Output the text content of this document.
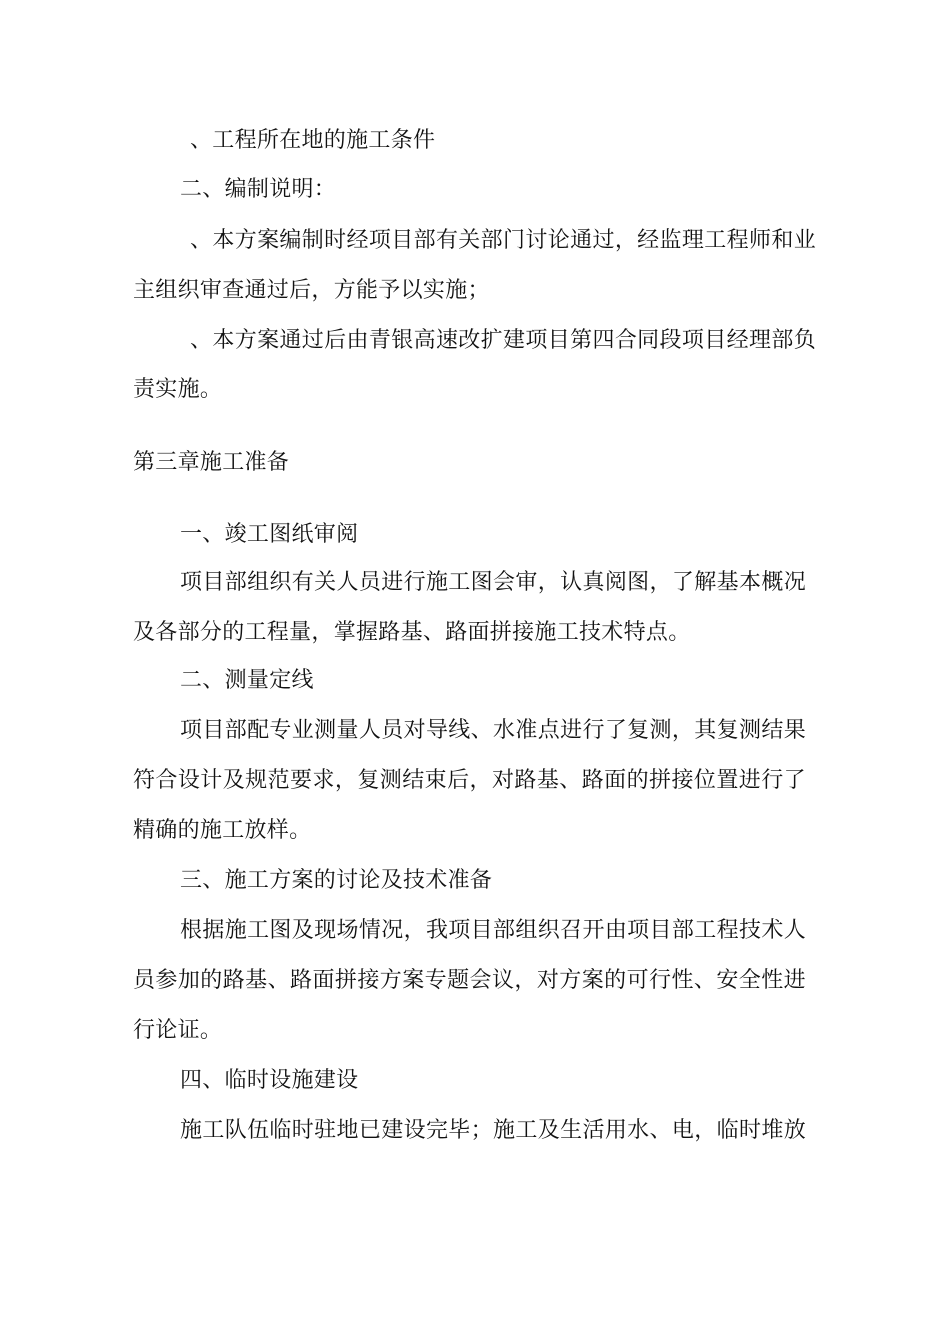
、工程所在地的施工条件
二、编制说明：
、本方案编制时经项目部有关部门讨论通过，经监理工程师和业
主组织审查通过后，方能予以实施；
、本方案通过后由青银高速改扩建项目第四合同段项目经理部负
责实施。
第三章施工准备
一、竣工图纸审阅
项目部组织有关人员进行施工图会审，认真阅图，了解基本概况
及各部分的工程量，掌握路基、路面拼接施工技术特点。
二、测量定线
项目部配专业测量人员对导线、水准点进行了复测，其复测结果
符合设计及规范要求，复测结束后，对路基、路面的拼接位置进行了
精确的施工放样。
三、施工方案的讨论及技术准备
根据施工图及现场情况，我项目部组织召开由项目部工程技术人
员参加的路基、路面拼接方案专题会议，对方案的可行性、安全性进
行论证。
四、临时设施建设
施工队伍临时驻地已建设完毕；施工及生活用水、电，临时堆放
